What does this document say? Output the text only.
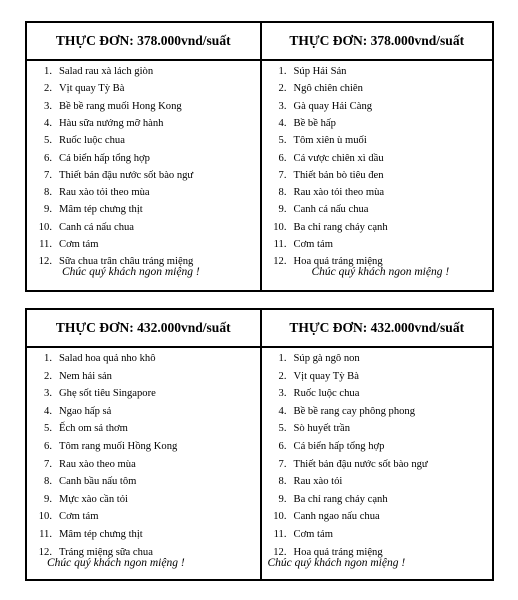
THỰC ĐƠN: 378.000vnd/suất
1. Salad rau xà lách giòn
2. Vịt quay Tỳ Bà
3. Bề bề rang muối Hong Kong
4. Hàu sữa nướng mỡ hành
5. Ruốc luộc chua
6. Cá biển hấp tổng hợp
7. Thiết bản đậu nước sốt bào ngư
8. Rau xào tỏi theo mùa
9. Mâm tép chưng thịt
10. Canh cá nấu chua
11. Cơm tám
12. Sữa chua trân châu tráng miệng
Chúc quý khách ngon miệng !
THỰC ĐƠN: 378.000vnd/suất
1. Súp Hải Sản
2. Ngô chiên chiên
3. Gà quay Hải Càng
4. Bề bề hấp
5. Tôm xiên ù muối
6. Cá vược chiên xì dầu
7. Thiết bản bò tiêu đen
8. Rau xào tỏi theo mùa
9. Canh cá nấu chua
10. Ba chỉ rang cháy cạnh
11. Cơm tám
12. Hoa quả tráng miệng
Chúc quý khách ngon miệng !
THỰC ĐƠN: 432.000vnd/suất
1. Salad hoa quả nho khô
2. Nem hải sản
3. Ghẹ sốt tiêu Singapore
4. Ngao hấp sả
5. Ếch om sả thơm
6. Tôm rang muối Hồng Kong
7. Rau xào theo mùa
8. Canh bầu nấu tôm
9. Mực xào cần tỏi
10. Cơm tám
11. Mâm tép chưng thịt
12. Tráng miệng sữa chua
Chúc quý khách ngon miệng !
THỰC ĐƠN: 432.000vnd/suất
1. Súp gà ngô non
2. Vịt quay Tỳ Bà
3. Ruốc luộc chua
4. Bề bề rang cay phông phong
5. Sò huyết trần
6. Cá biển hấp tổng hợp
7. Thiết bản đậu nước sốt bào ngư
8. Rau xào tỏi
9. Ba chỉ rang cháy cạnh
10. Canh ngao nấu chua
11. Cơm tám
12. Hoa quả tráng miệng
Chúc quý khách ngon miệng !
